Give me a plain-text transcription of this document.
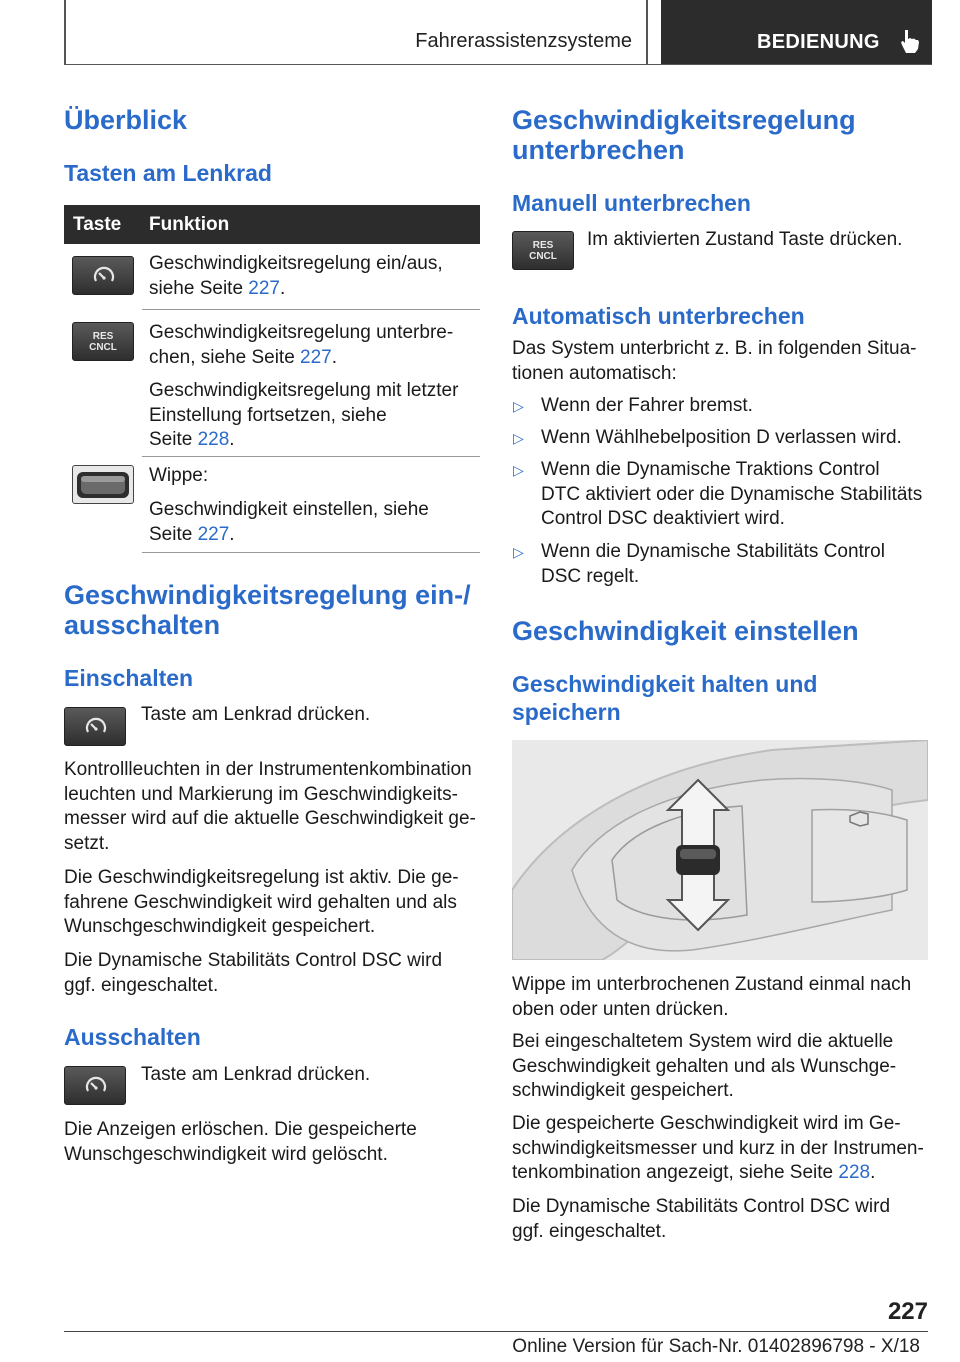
Fahrerassistenzsysteme	BEDIENUNG
Überblick
Tasten am Lenkrad
Taste Funktion
Geschwindigkeitsregelung ein/aus,
siehe Seite 227.
RES
CNCL
Geschwindigkeitsregelung unterbre-
chen, siehe Seite 227.
Geschwindigkeitsregelung mit letzter
Einstellung fortsetzen, siehe
Seite 228.
Wippe:
Geschwindigkeit einstellen, siehe
Seite 227.
Geschwindigkeitsregelung ein-/
ausschalten
Einschalten
Taste am Lenkrad drücken.
Kontrollleuchten in der Instrumentenkombination
leuchten und Markierung im Geschwindigkeits-
messer wird auf die aktuelle Geschwindigkeit ge-
setzt.
Die Geschwindigkeitsregelung ist aktiv. Die ge-
fahrene Geschwindigkeit wird gehalten und als
Wunschgeschwindigkeit gespeichert.
Die Dynamische Stabilitäts Control DSC wird
ggf. eingeschaltet.
Ausschalten
Taste am Lenkrad drücken.
Die Anzeigen erlöschen. Die gespeicherte
Wunschgeschwindigkeit wird gelöscht.
Geschwindigkeitsregelung
unterbrechen
Manuell unterbrechen
RES
CNCL
Im aktivierten Zustand Taste drücken.
Automatisch unterbrechen
Das System unterbricht z. B. in folgenden Situa-
tionen automatisch:
▷ Wenn der Fahrer bremst.
▷ Wenn Wählhebelposition D verlassen wird.
▷ Wenn die Dynamische Traktions Control
DTC aktiviert oder die Dynamische Stabilitäts
Control DSC deaktiviert wird.
▷ Wenn die Dynamische Stabilitäts Control
DSC regelt.
Geschwindigkeit einstellen
Geschwindigkeit halten und
speichern
Wippe im unterbrochenen Zustand einmal nach
oben oder unten drücken.
Bei eingeschaltetem System wird die aktuelle
Geschwindigkeit gehalten und als Wunschge-
schwindigkeit gespeichert.
Die gespeicherte Geschwindigkeit wird im Ge-
schwindigkeitsmesser und kurz in der Instrumen-
tenkombination angezeigt, siehe Seite 228.
Die Dynamische Stabilitäts Control DSC wird
ggf. eingeschaltet.
227
Online Version für Sach-Nr. 01402896798 - X/18
